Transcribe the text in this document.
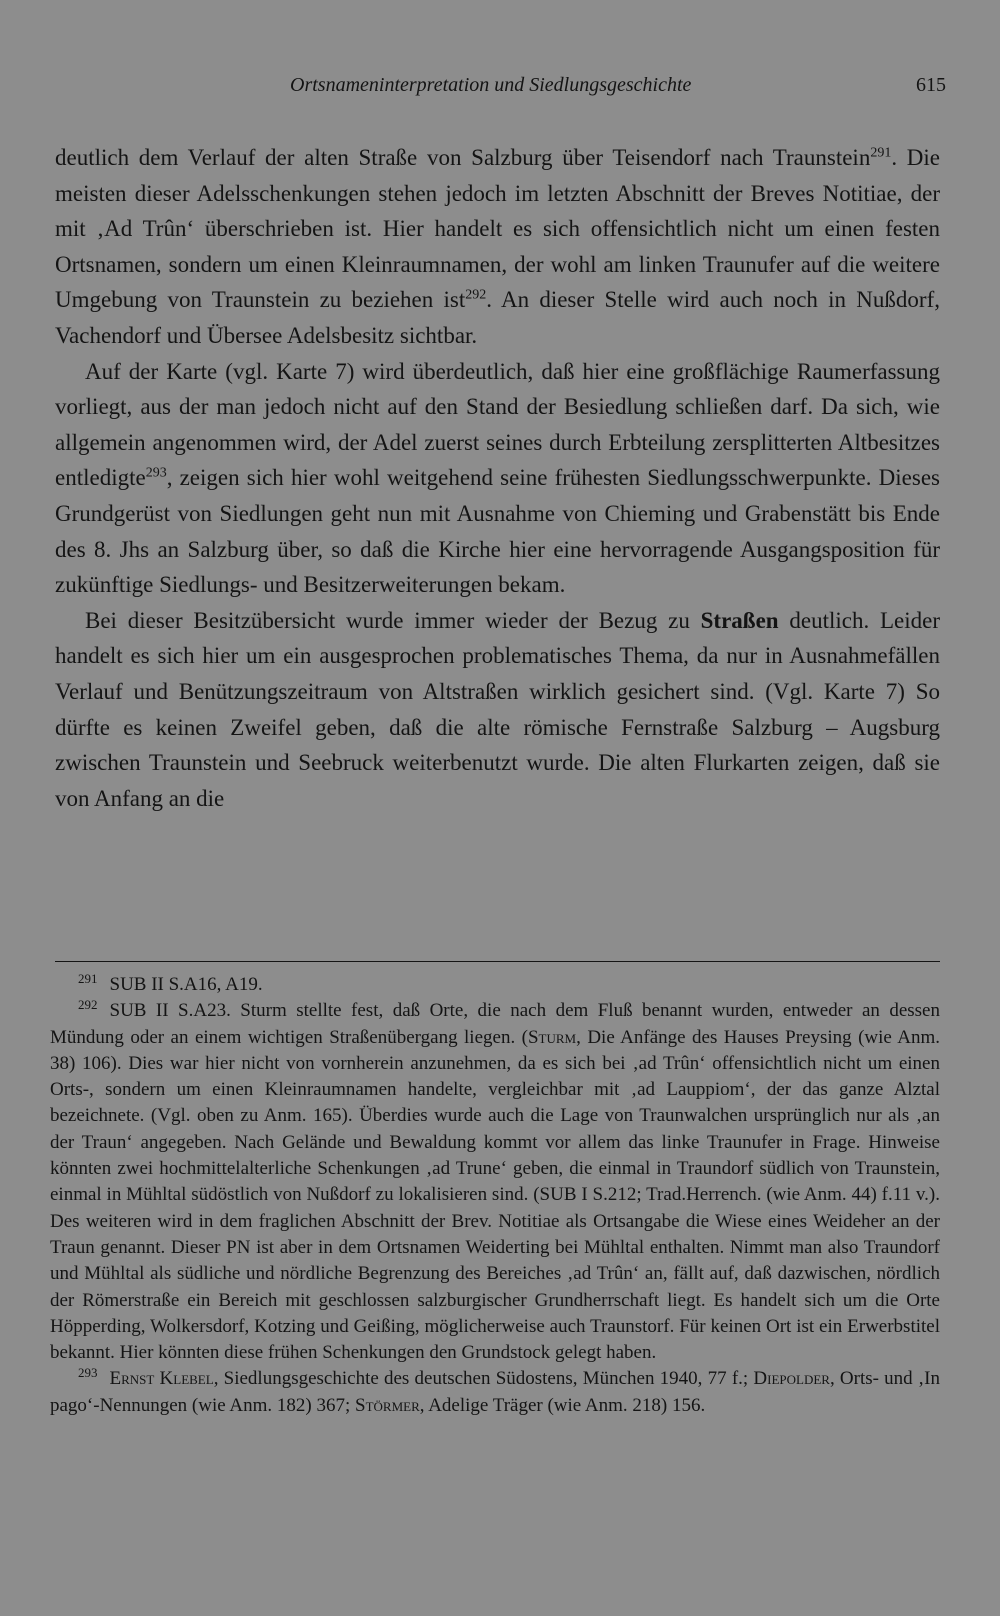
Ortsnameninterpretation und Siedlungsgeschichte	615

deutlich dem Verlauf der alten Straße von Salzburg über Teisendorf nach Traunstein$^{291}$. Die meisten dieser Adelsschenkungen stehen jedoch im letzten Abschnitt der Breves Notitiae, der mit ‚Ad Trûn‘ überschrieben ist. Hier handelt es sich offensichtlich nicht um einen festen Ortsnamen, sondern um einen Kleinraumnamen, der wohl am linken Traunufer auf die weitere Umgebung von Traunstein zu beziehen ist$^{292}$. An dieser Stelle wird auch noch in Nußdorf, Vachendorf und Übersee Adelsbesitz sichtbar.

Auf der Karte (vgl. Karte 7) wird überdeutlich, daß hier eine großflächige Raumerfassung vorliegt, aus der man jedoch nicht auf den Stand der Besiedlung schließen darf. Da sich, wie allgemein angenommen wird, der Adel zuerst seines durch Erbteilung zersplitterten Altbesitzes entledigte$^{293}$, zeigen sich hier wohl weitgehend seine frühesten Siedlungsschwerpunkte. Dieses Grundgerüst von Siedlungen geht nun mit Ausnahme von Chieming und Grabenstätt bis Ende des 8. Jhs an Salzburg über, so daß die Kirche hier eine hervorragende Ausgangsposition für zukünftige Siedlungs- und Besitzerweiterungen bekam.

Bei dieser Besitzübersicht wurde immer wieder der Bezug zu Straßen deutlich. Leider handelt es sich hier um ein ausgesprochen problematisches Thema, da nur in Ausnahmefällen Verlauf und Benützungszeitraum von Altstraßen wirklich gesichert sind. (Vgl. Karte 7) So dürfte es keinen Zweifel geben, daß die alte römische Fernstraße Salzburg – Augsburg zwischen Traunstein und Seebruck weiterbenutzt wurde. Die alten Flurkarten zeigen, daß sie von Anfang an die

$^{291}$ SUB II S.A16, A19.

$^{292}$ SUB II S.A23. Sturm stellte fest, daß Orte, die nach dem Fluß benannt wurden, entweder an dessen Mündung oder an einem wichtigen Straßenübergang liegen. (Sturm, Die Anfänge des Hauses Preysing (wie Anm. 38) 106). Dies war hier nicht von vornherein anzunehmen, da es sich bei ‚ad Trûn‘ offensichtlich nicht um einen Orts-, sondern um einen Kleinraumnamen handelte, vergleichbar mit ‚ad Lauppiom‘, der das ganze Alztal bezeichnete. (Vgl. oben zu Anm. 165). Überdies wurde auch die Lage von Traunwalchen ursprünglich nur als ‚an der Traun‘ angegeben. Nach Gelände und Bewaldung kommt vor allem das linke Traunufer in Frage. Hinweise könnten zwei hochmittelalterliche Schenkungen ‚ad Trune‘ geben, die einmal in Traundorf südlich von Traunstein, einmal in Mühltal südöstlich von Nußdorf zu lokalisieren sind. (SUB I S.212; Trad.Herrench. (wie Anm. 44) f.11 v.). Des weiteren wird in dem fraglichen Abschnitt der Brev. Notitiae als Ortsangabe die Wiese eines Weideher an der Traun genannt. Dieser PN ist aber in dem Ortsnamen Weiderting bei Mühltal enthalten. Nimmt man also Traundorf und Mühltal als südliche und nördliche Begrenzung des Bereiches ‚ad Trûn‘ an, fällt auf, daß dazwischen, nördlich der Römerstraße ein Bereich mit geschlossen salzburgischer Grundherrschaft liegt. Es handelt sich um die Orte Höpperding, Wolkersdorf, Kotzing und Geißing, möglicherweise auch Traunstorf. Für keinen Ort ist ein Erwerbstitel bekannt. Hier könnten diese frühen Schenkungen den Grundstock gelegt haben.

$^{293}$ Ernst Klebel, Siedlungsgeschichte des deutschen Südostens, München 1940, 77 f.; Diepolder, Orts- und ‚In pago‘-Nennungen (wie Anm. 182) 367; Störmer, Adelige Träger (wie Anm. 218) 156.
